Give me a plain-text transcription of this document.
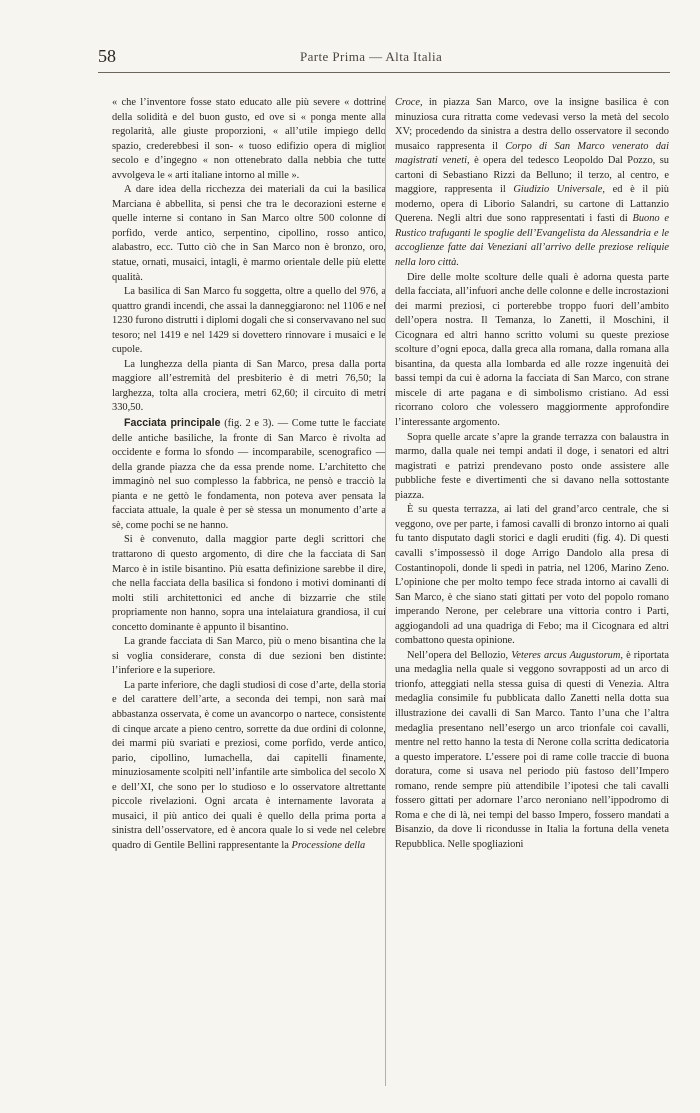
58	Parte Prima — Alta Italia

« che l’inventore fosse stato educato alle più severe « dottrine della solidità e del buon gusto, ed ove si « ponga mente alla regolarità, alle giuste proporzioni, « all’utile impiego dello spazio, crederebbesi il son- « tuoso edifizio opera di miglior secolo e d’ingegno « non ottenebrato dalla nebbia che tutte avvolgeva le « arti italiane intorno al mille ».

A dare idea della ricchezza dei materiali da cui la basilica Marciana è abbellita, si pensi che tra le decorazioni esterne e quelle interne si contano in San Marco oltre 500 colonne di porfido, verde antico, serpentino, cipollino, rosso antico, alabastro, ecc. Tutto ciò che in San Marco non è bronzo, oro, statue, ornati, musaici, intagli, è marmo orientale delle più elette qualità.

La basilica di San Marco fu soggetta, oltre a quello del 976, a quattro grandi incendi, che assai la danneggiarono: nel 1106 e nel 1230 furono distrutti i diplomi dogali che si conservavano nel suo tesoro; nel 1419 e nel 1429 si dovettero rinnovare i musaici e le cupole.

La lunghezza della pianta di San Marco, presa dalla porta maggiore all’estremità del presbiterio è di metri 76,50; la larghezza, tolta alla crociera, metri 62,60; il circuito di metri 330,50.

Facciata principale (fig. 2 e 3). — Come tutte le facciate delle antiche basiliche, la fronte di San Marco è rivolta ad occidente e forma lo sfondo — incomparabile, scenografico — della grande piazza che da essa prende nome. L’architetto che immaginò nel suo complesso la fabbrica, ne pensò e tracciò la pianta e ne gettò le fondamenta, non poteva aver pensata la facciata attuale, la quale è per sè stessa un monumento d’arte a sè, come pochi se ne hanno.

Si è convenuto, dalla maggior parte degli scrittori che trattarono di questo argomento, di dire che la facciata di San Marco è in istile bisantino. Più esatta definizione sarebbe il dire, che nella facciata della basilica si fondono i motivi dominanti di molti stili architettonici ed anche di bizzarrie che stile propriamente non hanno, sopra una intelaiatura grandiosa, il cui concetto dominante è appunto il bisantino.

La grande facciata di San Marco, più o meno bisantina che la si voglia considerare, consta di due sezioni ben distinte: l’inferiore e la superiore.

La parte inferiore, che dagli studiosi di cose d’arte, della storia e del carattere dell’arte, a seconda dei tempi, non sarà mai abbastanza osservata, è come un avancorpo o nartece, consistente di cinque arcate a pieno centro, sorrette da due ordini di colonne, dei marmi più svariati e preziosi, come porfido, verde antico, pario, cipollino, lumachella, dai capitelli finamente, minuziosamente scolpiti nell’infantile arte simbolica del secolo X e dell’XI, che sono per lo studioso e lo osservatore altrettante piccole rivelazioni. Ogni arcata è internamente lavorata a musaici, il più antico dei quali è quello della prima porta a sinistra dell’osservatore, ed è ancora quale lo si vede nel celebre quadro di Gentile Bellini rappresentante la Processione della

Croce, in piazza San Marco, ove la insigne basilica è con minuziosa cura ritratta come vedevasi verso la metà del secolo XV; procedendo da sinistra a destra dello osservatore il secondo musaico rappresenta il Corpo di San Marco venerato dai magistrati veneti, è opera del tedesco Leopoldo Dal Pozzo, su cartoni di Sebastiano Rizzi da Belluno; il terzo, al centro, e maggiore, rappresenta il Giudizio Universale, ed è il più moderno, opera di Liborio Salandri, su cartone di Lattanzio Querena. Negli altri due sono rappresentati i fasti di Buono e Rustico trafuganti le spoglie dell’Evangelista da Alessandria e le accoglienze fatte dai Veneziani all’arrivo delle preziose reliquie nella loro città.

Dire delle molte scolture delle quali è adorna questa parte della facciata, all’infuori anche delle colonne e delle incrostazioni dei marmi preziosi, ci porterebbe troppo fuori dell’ambito dell’opera nostra. Il Temanza, lo Zanetti, il Moschini, il Cicognara ed altri hanno scritto volumi su queste preziose scolture d’ogni epoca, dalla greca alla romana, dalla romana alla bisantina, da questa alla lombarda ed alle rozze ingenuità dei bassi tempi da cui è adorna la facciata di San Marco, con strane miscele di arte pagana e di simbolismo cristiano. Ad essi ricorrano coloro che volessero maggiormente approfondire l’interessante argomento.

Sopra quelle arcate s’apre la grande terrazza con balaustra in marmo, dalla quale nei tempi andati il doge, i senatori ed altri magistrati e patrizi prendevano posto onde assistere alle pubbliche feste e divertimenti che si davano nella sottostante piazza.

È su questa terrazza, ai lati del grand’arco centrale, che si veggono, ove per parte, i famosi cavalli di bronzo intorno ai quali fu tanto disputato dagli storici e dagli eruditi (fig. 4). Di questi cavalli s’impossessò il doge Arrigo Dandolo alla presa di Costantinopoli, donde li spedì in patria, nel 1206, Marino Zeno. L’opinione che per molto tempo fece strada intorno ai cavalli di San Marco, è che siano stati gittati per voto del popolo romano imperando Nerone, per celebrare una vittoria contro i Parti, aggiogandoli ad una quadriga di Febo; ma il Cicognara ed altri combattono questa opinione.

Nell’opera del Bellozio, Veteres arcus Augustorum, è riportata una medaglia nella quale si veggono sovrapposti ad un arco di trionfo, atteggiati nella stessa guisa di questi di Venezia. Altra medaglia consimile fu pubblicata dallo Zanetti nella dotta sua illustrazione dei cavalli di San Marco. Tanto l’una che l’altra medaglia presentano nell’esergo un arco trionfale coi cavalli, mentre nel retto hanno la testa di Nerone colla scritta dedicatoria a questo imperatore. L’essere poi di rame colle traccie di buona doratura, come si usava nel periodo più fastoso dell’Impero romano, rende sempre più attendibile l’ipotesi che tali cavalli fossero gittati per adornare l’arco neroniano nell’ippodromo di Roma e che di là, nei tempi del basso Impero, fossero mandati a Bisanzio, da dove li ricondusse in Italia la fortuna della veneta Repubblica. Nelle spogliazioni
